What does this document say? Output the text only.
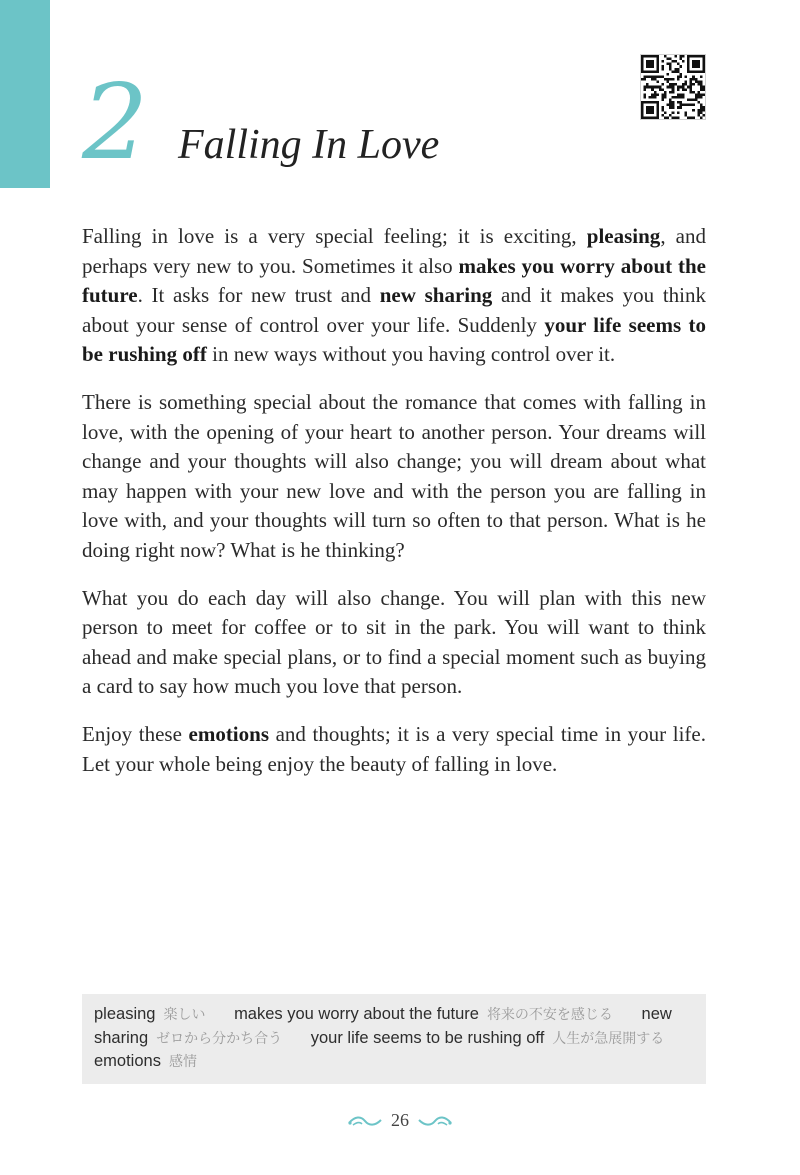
2 Falling In Love

Falling in love is a very special feeling; it is exciting, pleasing, and perhaps very new to you. Sometimes it also makes you worry about the future. It asks for new trust and new sharing and it makes you think about your sense of control over your life. Suddenly your life seems to be rushing off in new ways without you having control over it.

There is something special about the romance that comes with falling in love, with the opening of your heart to another person. Your dreams will change and your thoughts will also change; you will dream about what may happen with your new love and with the person you are falling in love with, and your thoughts will turn so often to that person. What is he doing right now? What is he thinking?

What you do each day will also change. You will plan with this new person to meet for coffee or to sit in the park. You will want to think ahead and make special plans, or to find a special moment such as buying a card to say how much you love that person.

Enjoy these emotions and thoughts; it is a very special time in your life. Let your whole being enjoy the beauty of falling in love.

pleasing 楽しい makes you worry about the future 将来の不安を感じる new sharing ゼロから分かち合う your life seems to be rushing off 人生が急展開する emotions 感情
26
